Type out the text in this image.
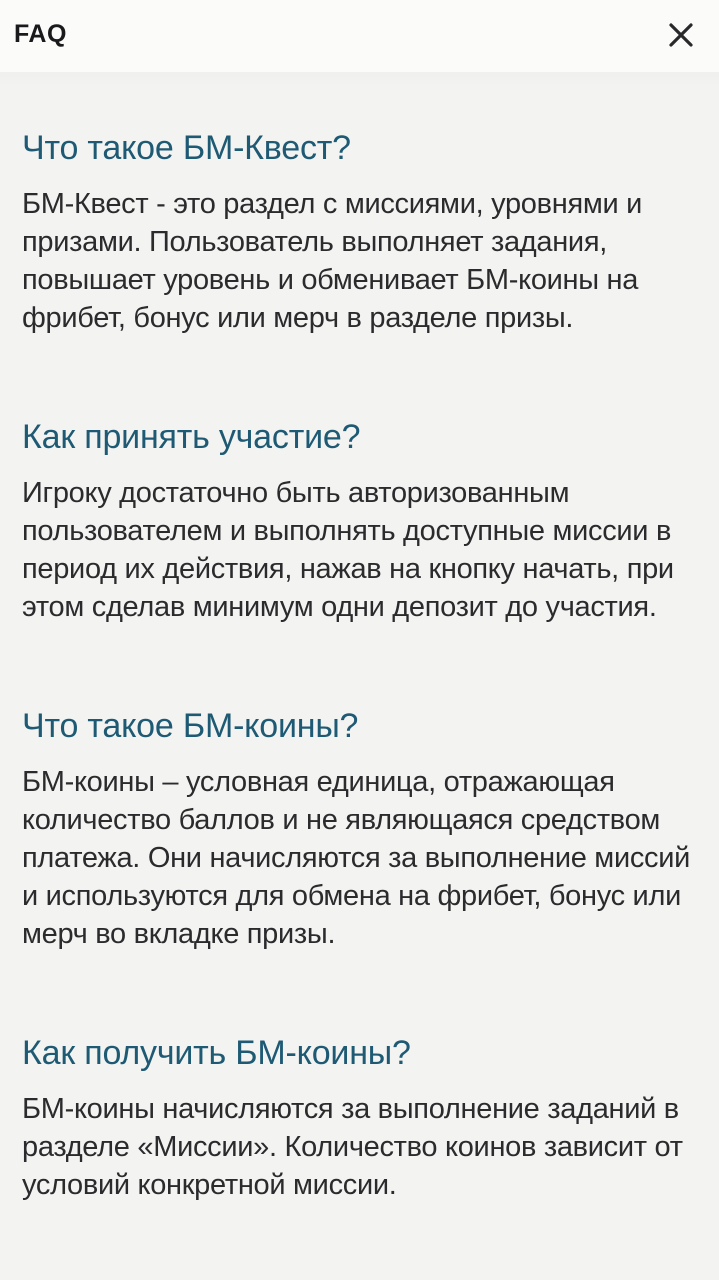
FAQ
Что такое БМ-Квест?

БМ-Квест - это раздел с миссиями, уровнями и призами. Пользователь выполняет задания, повышает уровень и обменивает БМ-коины на фрибет, бонус или мерч в разделе призы.

Как принять участие?

Игроку достаточно быть авторизованным пользователем и выполнять доступные миссии в период их действия, нажав на кнопку начать, при этом сделав минимум одни депозит до участия.

Что такое БМ-коины?

БМ-коины – условная единица, отражающая количество баллов и не являющаяся средством платежа. Они начисляются за выполнение миссий и используются для обмена на фрибет, бонус или мерч во вкладке призы.

Как получить БМ-коины?

БМ-коины начисляются за выполнение заданий в разделе «Миссии». Количество коинов зависит от условий конкретной миссии.
